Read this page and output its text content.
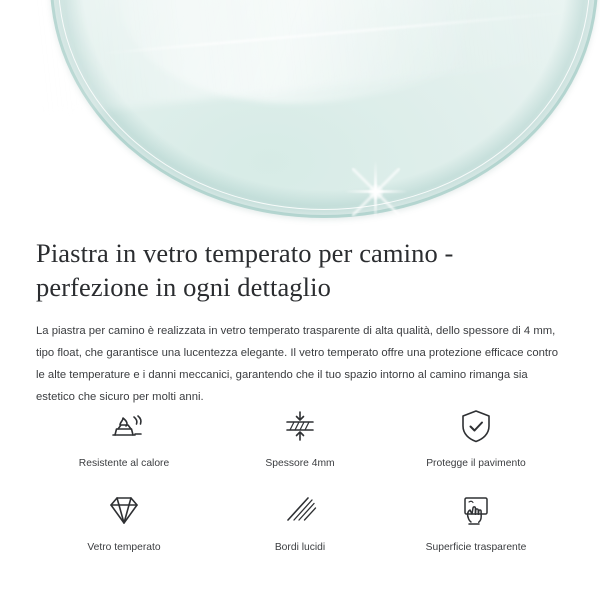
Piastra in vetro temperato per camino - perfezione in ogni dettaglio

La piastra per camino è realizzata in vetro temperato trasparente di alta qualità, dello spessore di 4 mm, tipo float, che garantisce una lucentezza elegante. Il vetro temperato offre una protezione efficace contro le alte temperature e i danni meccanici, garantendo che il tuo spazio intorno al camino rimanga sia estetico che sicuro per molti anni.

Resistente al calore	Spessore 4mm	Protegge il pavimento
Vetro temperato	Bordi lucidi	Superficie trasparente
